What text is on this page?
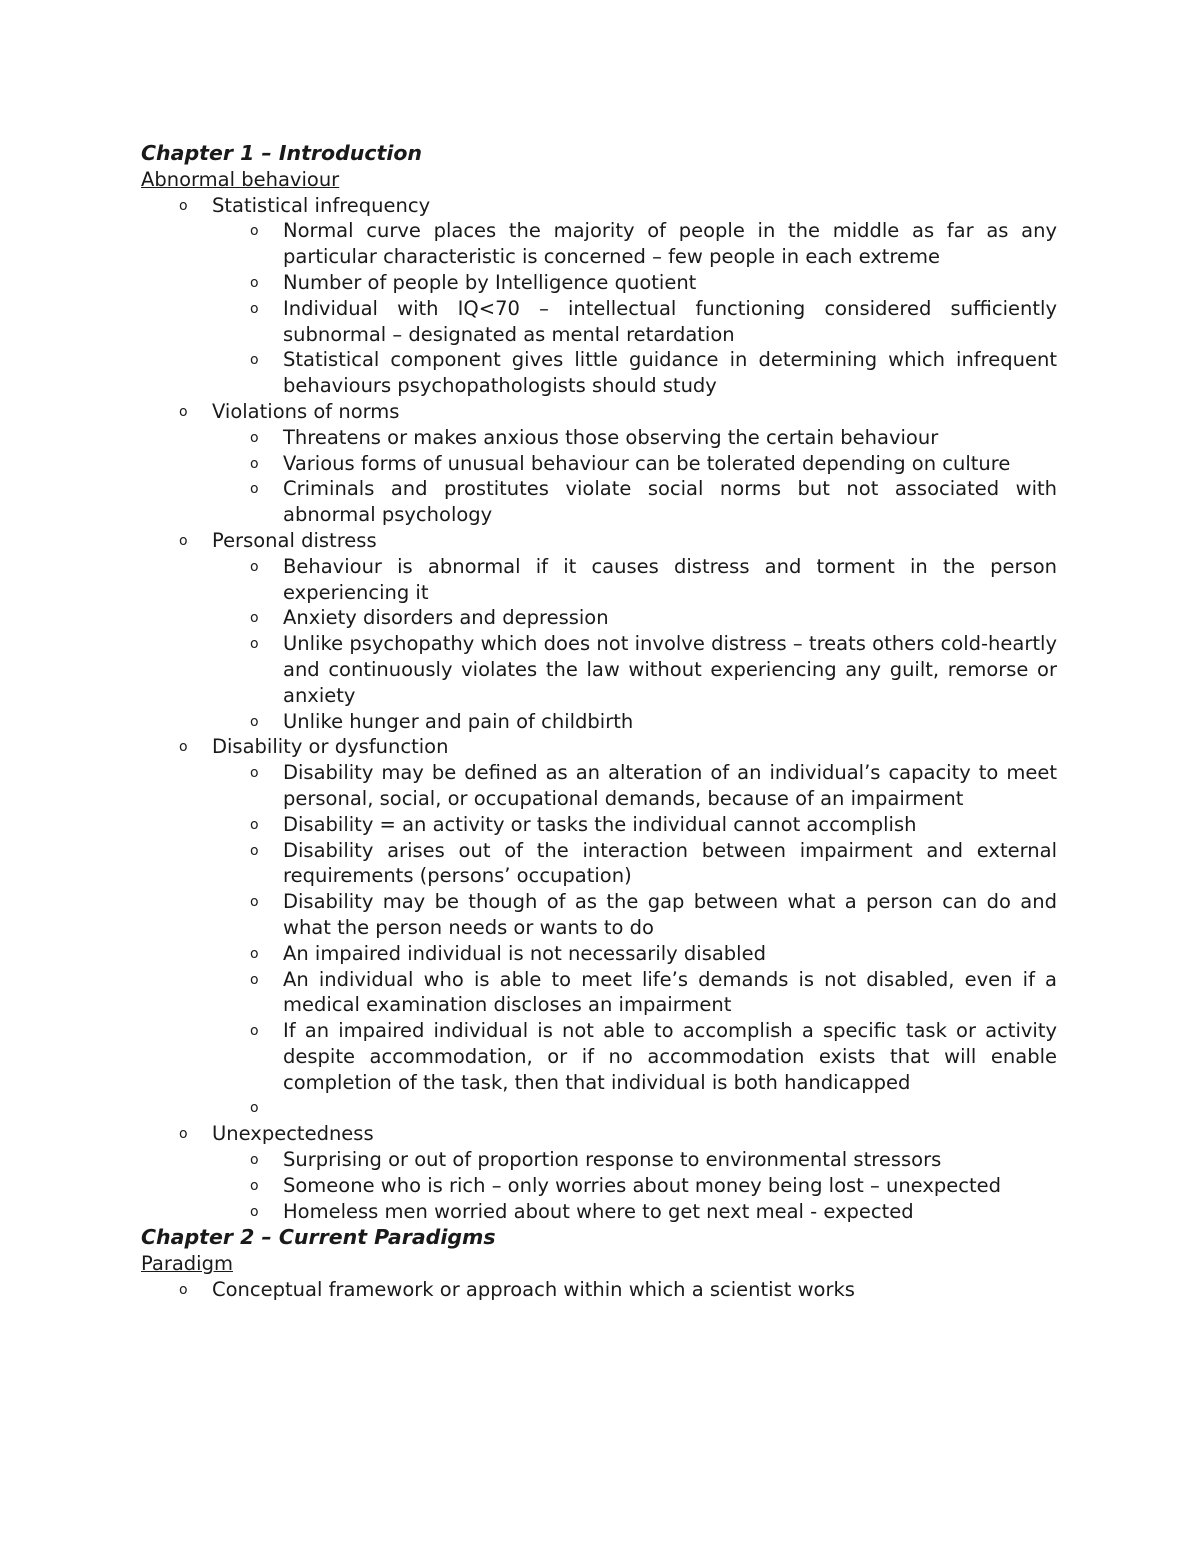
Chapter 1 – Introduction
Abnormal behaviour
o Statistical infrequency
o Normal curve places the majority of people in the middle as far as any particular characteristic is concerned – few people in each extreme
o Number of people by Intelligence quotient
o Individual with IQ<70 – intellectual functioning considered sufficiently subnormal – designated as mental retardation
o Statistical component gives little guidance in determining which infrequent behaviours psychopathologists should study
o Violations of norms
o Threatens or makes anxious those observing the certain behaviour
o Various forms of unusual behaviour can be tolerated depending on culture
o Criminals and prostitutes violate social norms but not associated with abnormal psychology
o Personal distress
o Behaviour is abnormal if it causes distress and torment in the person experiencing it
o Anxiety disorders and depression
o Unlike psychopathy which does not involve distress – treats others cold-heartly and continuously violates the law without experiencing any guilt, remorse or anxiety
o Unlike hunger and pain of childbirth
o Disability or dysfunction
o Disability may be defined as an alteration of an individual’s capacity to meet personal, social, or occupational demands, because of an impairment
o Disability = an activity or tasks the individual cannot accomplish
o Disability arises out of the interaction between impairment and external requirements (persons’ occupation)
o Disability may be though of as the gap between what a person can do and what the person needs or wants to do
o An impaired individual is not necessarily disabled
o An individual who is able to meet life’s demands is not disabled, even if a medical examination discloses an impairment
o If an impaired individual is not able to accomplish a specific task or activity despite accommodation, or if no accommodation exists that will enable completion of the task, then that individual is both handicapped
o
o Unexpectedness
o Surprising or out of proportion response to environmental stressors
o Someone who is rich – only worries about money being lost – unexpected
o Homeless men worried about where to get next meal - expected
Chapter 2 – Current Paradigms
Paradigm
o Conceptual framework or approach within which a scientist works
